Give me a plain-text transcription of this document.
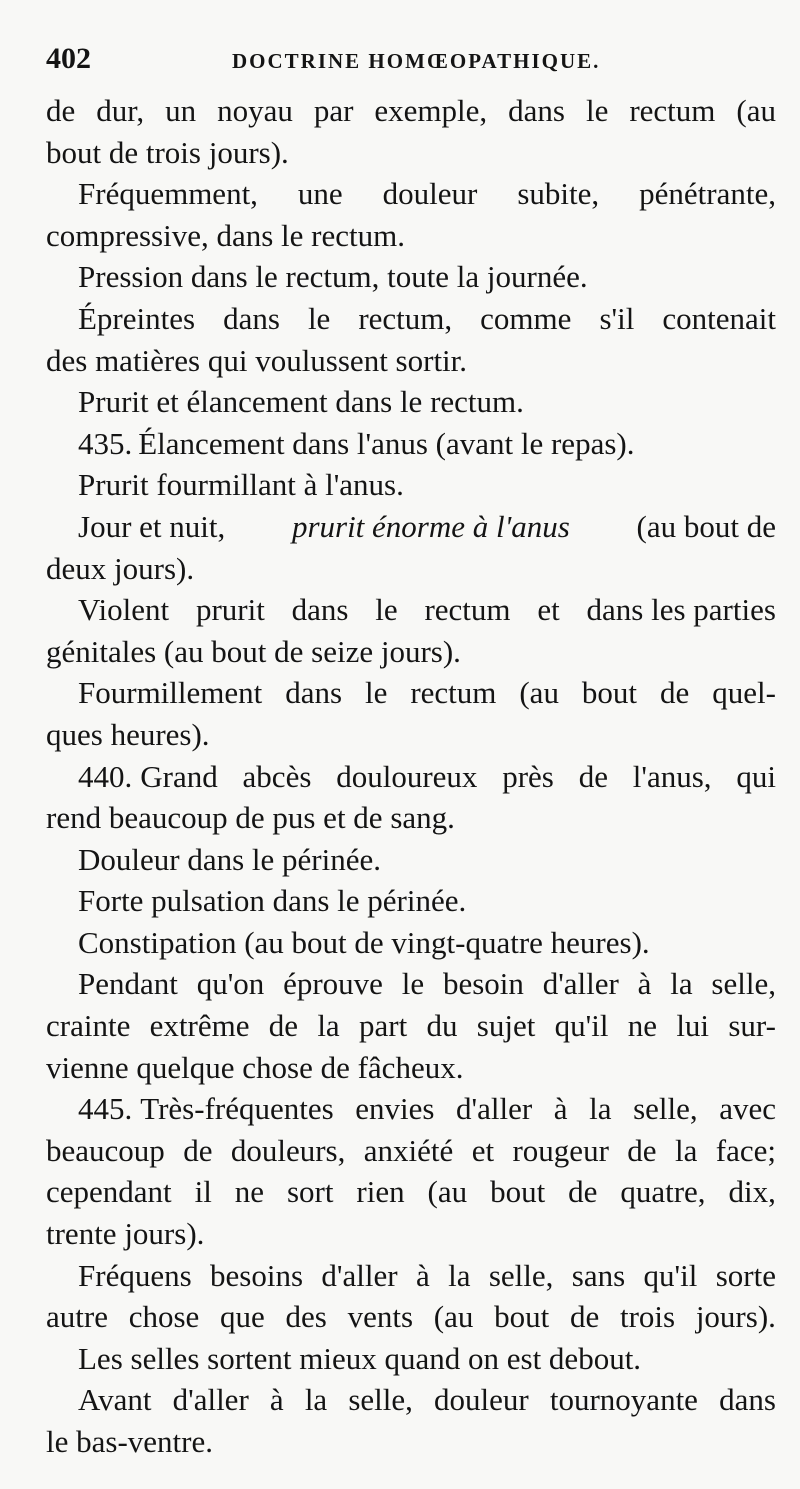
402	DOCTRINE HOMŒOPATHIQUE.
de dur, un noyau par exemple, dans le rectum (au
bout de trois jours).
Fréquemment, une douleur subite, pénétrante,
compressive, dans le rectum.
Pression dans le rectum, toute la journée.
Épreintes dans le rectum, comme s'il contenait
des matières qui voulussent sortir.
Prurit et élancement dans le rectum.
435. Élancement dans l'anus (avant le repas).
Prurit fourmillant à l'anus.
Jour et nuit, prurit énorme à l'anus (au bout de
deux jours).
Violent prurit dans le rectum et dans les parties
génitales (au bout de seize jours).
Fourmillement dans le rectum (au bout de quel-
ques heures).
440. Grand abcès douloureux près de l'anus, qui
rend beaucoup de pus et de sang.
Douleur dans le périnée.
Forte pulsation dans le périnée.
Constipation (au bout de vingt-quatre heures).
Pendant qu'on éprouve le besoin d'aller à la selle,
crainte extrême de la part du sujet qu'il ne lui sur-
vienne quelque chose de fâcheux.
445. Très-fréquentes envies d'aller à la selle, avec
beaucoup de douleurs, anxiété et rougeur de la face;
cependant il ne sort rien (au bout de quatre, dix,
trente jours).
Fréquens besoins d'aller à la selle, sans qu'il sorte
autre chose que des vents (au bout de trois jours).
Les selles sortent mieux quand on est debout.
Avant d'aller à la selle, douleur tournoyante dans
le bas-ventre.
